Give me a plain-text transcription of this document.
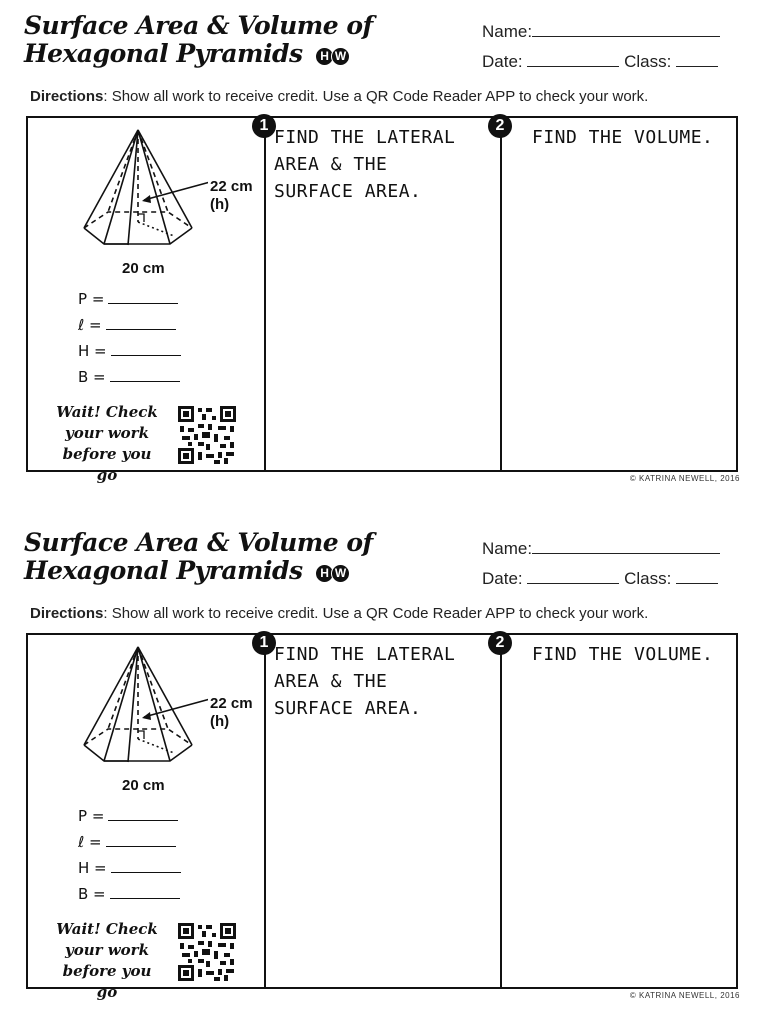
Surface Area & Volume of
Hexagonal Pyramids H W
Name:
Date:	Class:
Directions: Show all work to receive credit. Use a QR Code Reader APP to check your work.
22 cm
(h)
20 cm
P =
ℓ =
H =
B =
Wait! Check
your work
before you go
1
FIND THE LATERAL
AREA & THE
SURFACE AREA.
2
FIND THE VOLUME.
© KATRINA NEWELL, 2016
Surface Area & Volume of
Hexagonal Pyramids H W
Name:
Date:	Class:
Directions: Show all work to receive credit. Use a QR Code Reader APP to check your work.
22 cm
(h)
20 cm
P =
ℓ =
H =
B =
Wait! Check
your work
before you go
1
FIND THE LATERAL
AREA & THE
SURFACE AREA.
2
FIND THE VOLUME.
© KATRINA NEWELL, 2016
